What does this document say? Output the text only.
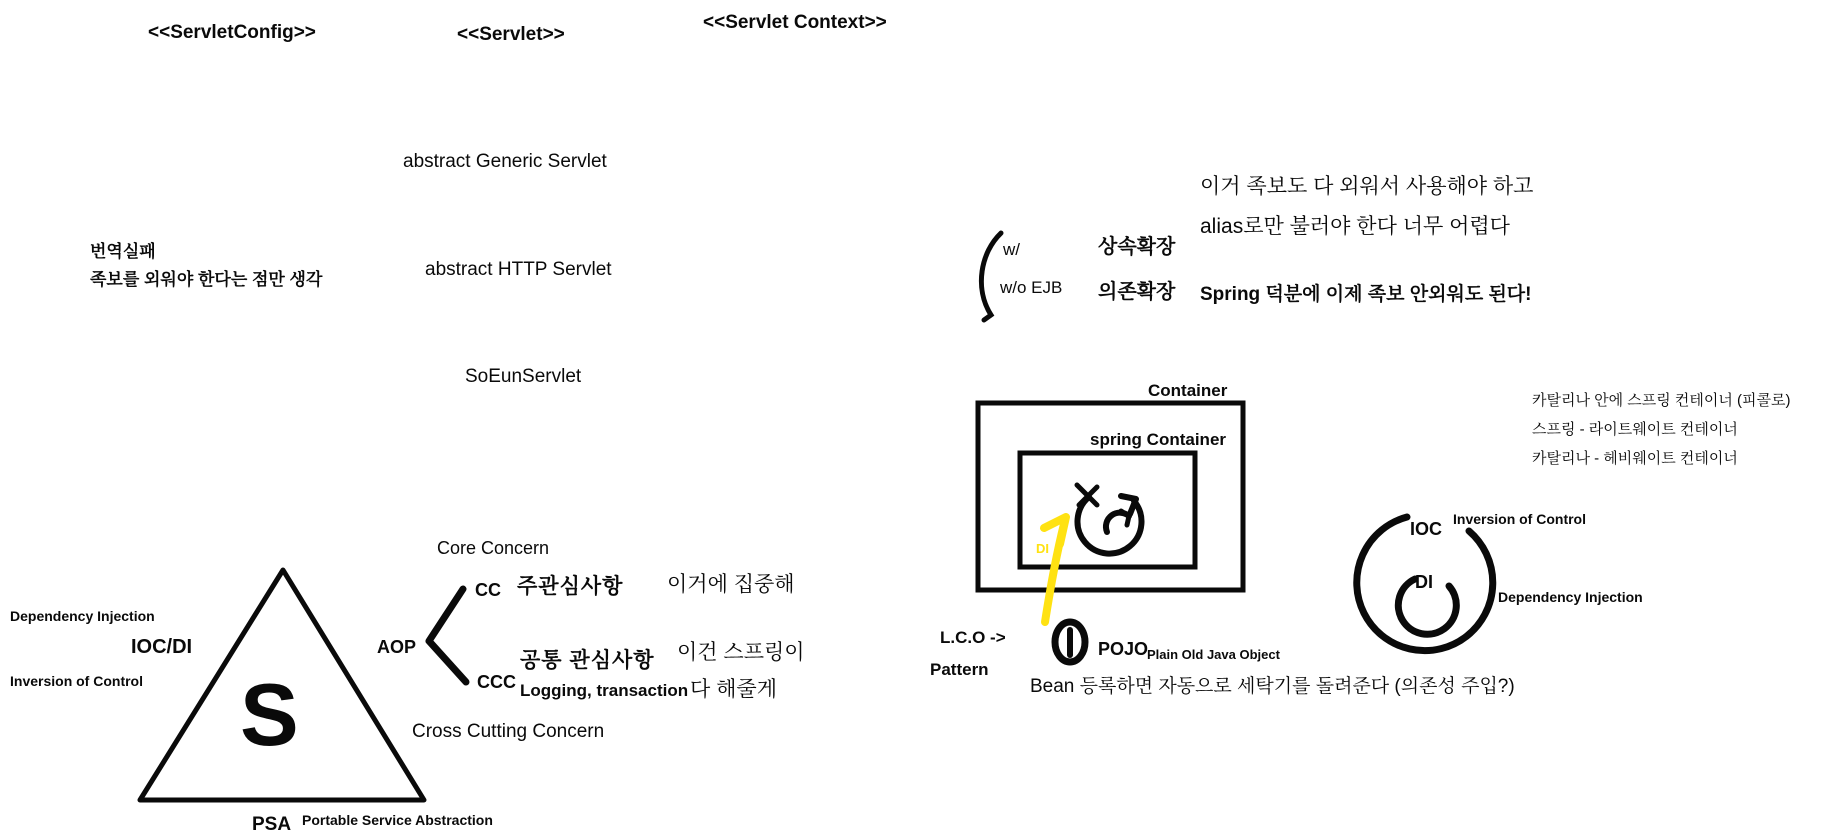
<<ServletConfig>>	<<Servlet>>
<<Servlet Context>>
abstract Generic Servlet
abstract HTTP Servlet
SoEunServlet
번역실패
족보를 외워야 한다는 점만 생각
w/
w/o EJB
상속확장
의존확장
이거 족보도 다 외워서 사용해야 하고
alias로만 불러야 한다 너무 어렵다
Spring 덕분에 이제 족보 안외워도 된다!
Container
spring Container
DI
카탈리나 안에 스프링 컨테이너 (피콜로)
스프링 - 라이트웨이트 컨테이너
카탈리나 - 헤비웨이트 컨테이너
IOC Inversion of Control
DI
Dependency Injection
L.C.O ->
Pattern
POJO
Plain Old Java Object
Bean 등록하면 자동으로 세탁기를 돌려준다 (의존성 주입?)
S
Dependency Injection
IOC/DI
Inversion of Control
PSA Portable Service Abstraction
Core Concern
AOP
CC 주관심사항 이거에 집중해
공통 관심사항
CCC Logging, transaction
이건 스프링이
다 해줄게
Cross Cutting Concern
